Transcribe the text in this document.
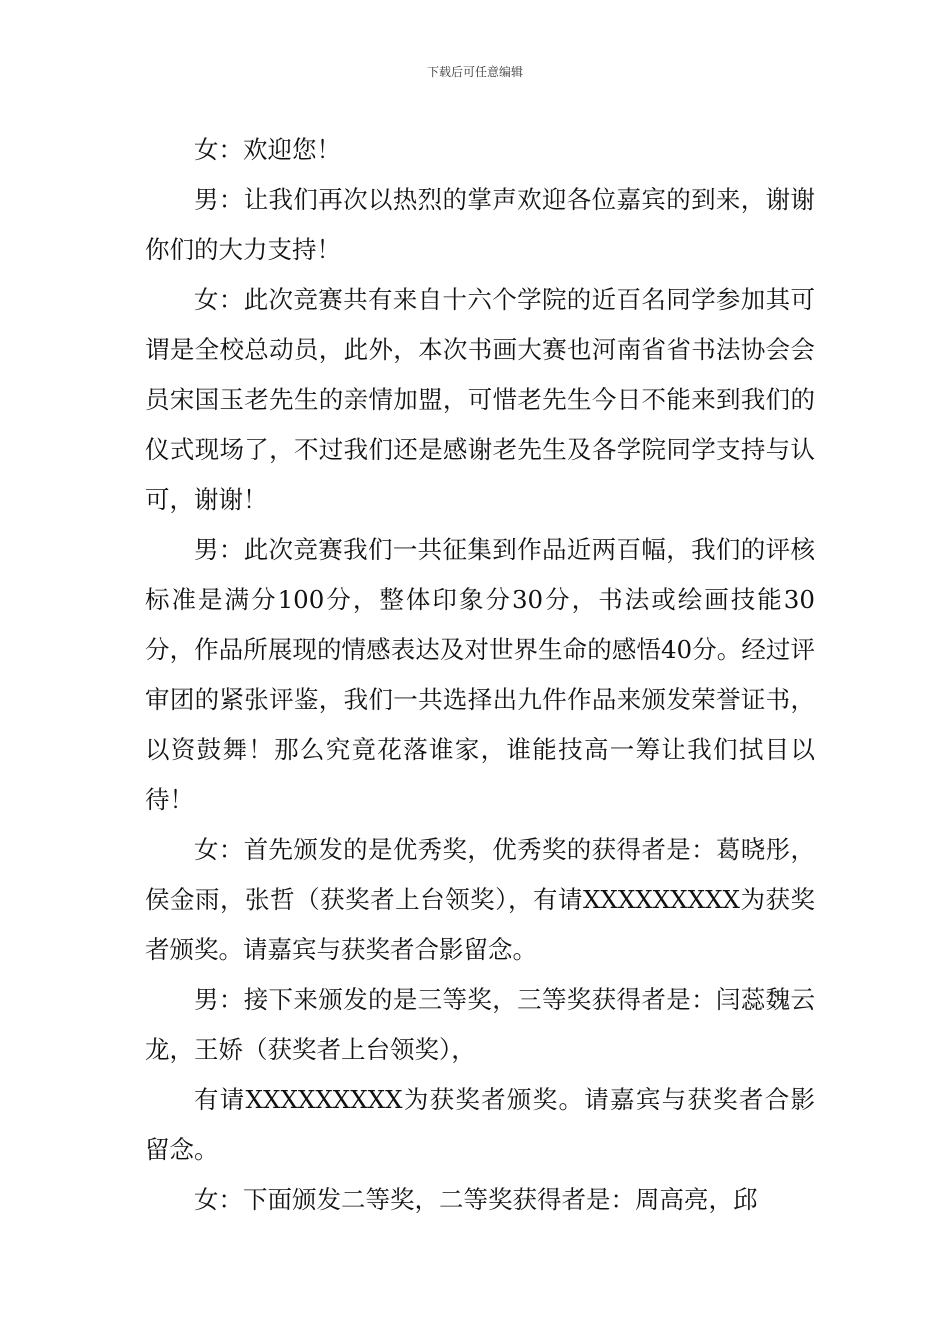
下载后可任意编辑

女：欢迎您！

男：让我们再次以热烈的掌声欢迎各位嘉宾的到来，谢谢你们的大力支持！

女：此次竞赛共有来自十六个学院的近百名同学参加其可谓是全校总动员，此外，本次书画大赛也河南省省书法协会会员宋国玉老先生的亲情加盟，可惜老先生今日不能来到我们的仪式现场了，不过我们还是感谢老先生及各学院同学支持与认可，谢谢！

男：此次竞赛我们一共征集到作品近两百幅，我们的评核标准是满分100分，整体印象分30分，书法或绘画技能30分，作品所展现的情感表达及对世界生命的感悟40分。经过评审团的紧张评鉴，我们一共选择出九件作品来颁发荣誉证书，以资鼓舞！那么究竟花落谁家，谁能技高一筹让我们拭目以待！

女：首先颁发的是优秀奖，优秀奖的获得者是：葛晓彤，侯金雨，张哲（获奖者上台领奖），有请XXXXXXXXX为获奖者颁奖。请嘉宾与获奖者合影留念。

男：接下来颁发的是三等奖，三等奖获得者是：闫蕊魏云龙，王娇（获奖者上台领奖），

有请XXXXXXXXX为获奖者颁奖。请嘉宾与获奖者合影留念。

女：下面颁发二等奖，二等奖获得者是：周高亮，邱
